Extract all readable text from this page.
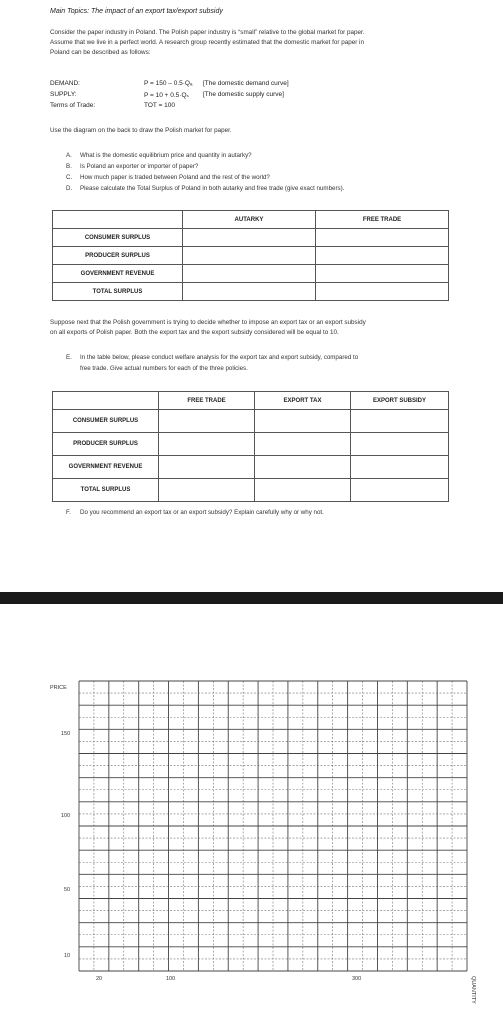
Main Topics: The impact of an export tax/export subsidy
Consider the paper industry in Poland. The Polish paper industry is “small” relative to the global market for paper.
Assume that we live in a perfect world. A research group recently estimated that the domestic market for paper in
Poland can be described as follows:
DEMAND:	P = 150 – 0.5·Qₐ [The domestic demand curve]
SUPPLY:	P = 10 + 0.5·Qₛ [The domestic supply curve]
Terms of Trade:	TOT = 100
Use the diagram on the back to draw the Polish market for paper.
A. What is the domestic equilibrium price and quantity in autarky?
B. Is Poland an exporter or importer of paper?
C. How much paper is traded between Poland and the rest of the world?
D. Please calculate the Total Surplus of Poland in both autarky and free trade (give exact numbers).
	AUTARKY	FREE TRADE
CONSUMER SURPLUS		
PRODUCER SURPLUS		
GOVERNMENT REVENUE		
TOTAL SURPLUS		
Suppose next that the Polish government is trying to decide whether to impose an export tax or an export subsidy
on all exports of Polish paper. Both the export tax and the export subsidy considered will be equal to 10.
E.	In the table below, please conduct welfare analysis for the export tax and export subsidy, compared to
free trade. Give actual numbers for each of the three policies.
	FREE TRADE	EXPORT TAX	EXPORT SUBSIDY
CONSUMER SURPLUS			
PRODUCER SURPLUS			
GOVERNMENT REVENUE			
TOTAL SURPLUS			
F. Do you recommend an export tax or an export subsidy? Explain carefully why or why not.
PRICE
150
100
50
10
20	100	300	QUANTITY
